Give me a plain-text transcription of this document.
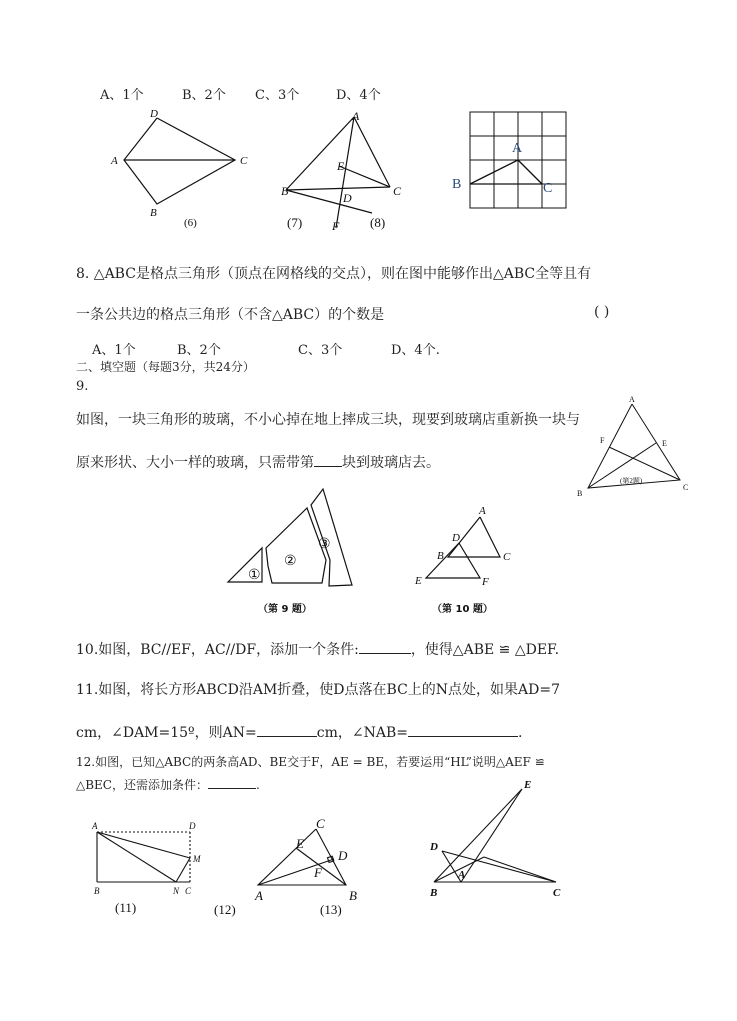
A、1个	B、2个 C、3个	D、4个
D
A	C
B
(6)
A
E
B	C
D
F
(7)	(8)
A
B	C
8. △ABC是格点三角形（顶点在网格线的交点），则在图中能够作出△ABC全等且有
一条公共边的格点三角形（不含△ABC）的个数是	( )
A、1个	B、2个	C、3个	D、4个.
二、填空题（每题3分，共24分）
9.
如图，一块三角形的玻璃，不小心掉在地上摔成三块，现要到玻璃店重新换一块与
原来形状、大小一样的玻璃，只需带第 块到玻璃店去。
A
F	E
B
C
(第2题)
①
②
③
（第 9 题）
A
D
B	C
E	F
（第 10 题）
10.如图，BC//EF，AC//DF，添加一个条件:	，使得△ABE ≌ △DEF.
11.如图，将长方形ABCD沿AM折叠，使D点落在BC上的N点处，如果AD=7
cm，∠DAM=15º，则AN=	cm，∠NAB=	.
12.如图，已知△ABC的两条高AD、BE交于F，AE = BE，若要运用“HL”说明△AEF ≌
△BEC，还需添加条件：	.
A	D
M
B	N C
(11)	(12)
C
E
D
F
A	B
(13)
E
D
B
A
C
